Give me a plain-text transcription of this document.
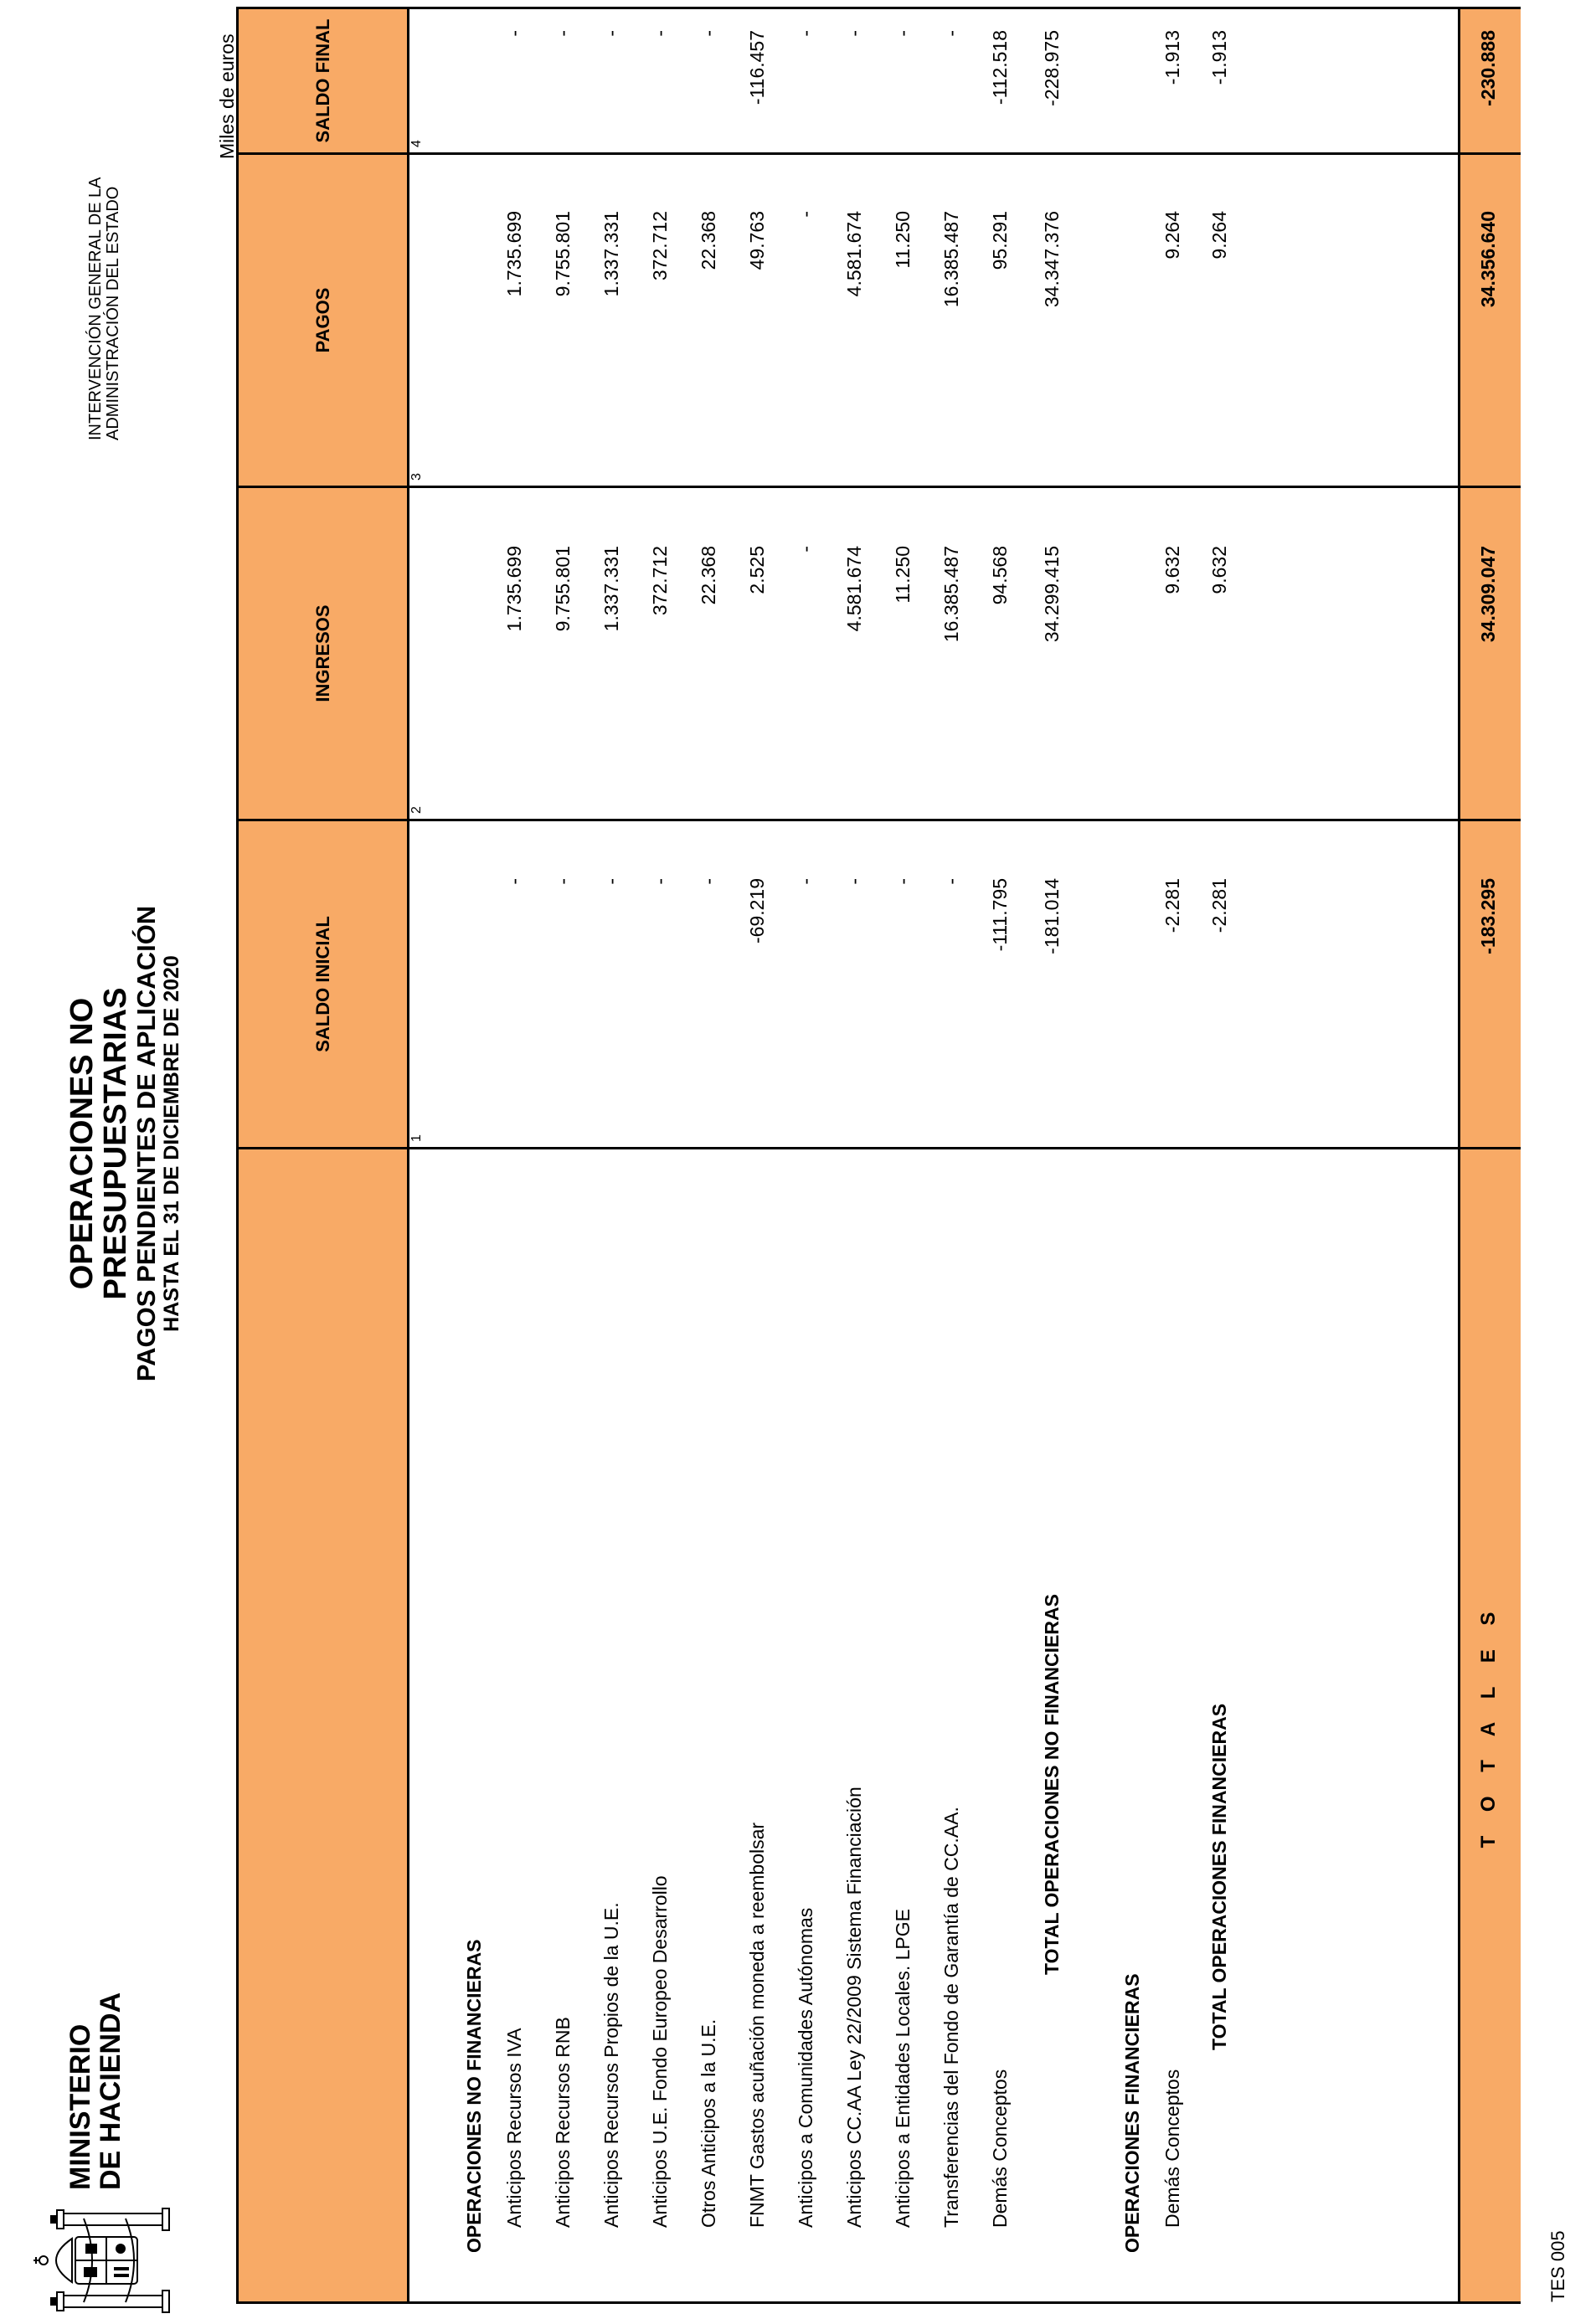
MINISTERIO
DE HACIENDA
OPERACIONES NO PRESUPUESTARIAS
PAGOS PENDIENTES DE APLICACIÓN HASTA EL 31 DE DICIEMBRE DE 2020
INTERVENCIÓN GENERAL DE LA ADMINISTRACIÓN DEL ESTADO
Miles de euros
SALDO INICIAL
INGRESOS
PAGOS
SALDO FINAL
1
2
3
4
OPERACIONES NO FINANCIERAS Anticipos Recursos IVA
-
1.735.699
1.735.699
-
Anticipos Recursos RNB
-
9.755.801
9.755.801
-
Anticipos Recursos Propios de la U.E.
-
1.337.331
1.337.331
-
Anticipos U.E. Fondo Europeo Desarrollo
-
372.712
372.712
-
Otros Anticipos a la U.E.
-
22.368
22.368
-
FNMT Gastos acuñación moneda a reembolsar
-69.219
2.525
49.763
-116.457
Anticipos a Comunidades Autónomas
-
-
-
-
Anticipos CC.AA Ley 22/2009 Sistema Financiación
-
4.581.674
4.581.674
-
Anticipos a Entidades Locales. LPGE
-
11.250
11.250
-
Transferencias del Fondo de Garantía de CC.AA.
-
16.385.487
16.385.487
-
Demás Conceptos
-111.795
94.568
95.291
-112.518
TOTAL OPERACIONES NO FINANCIERAS
-181.014
34.299.415
34.347.376
-228.975
OPERACIONES FINANCIERAS Demás Conceptos
-2.281
9.632
9.264
-1.913
TOTAL OPERACIONES FINANCIERAS
-2.281
9.632
9.264
-1.913
-183.295
34.309.047
34.356.640
-230.888
T O T A L E S
TES 005
